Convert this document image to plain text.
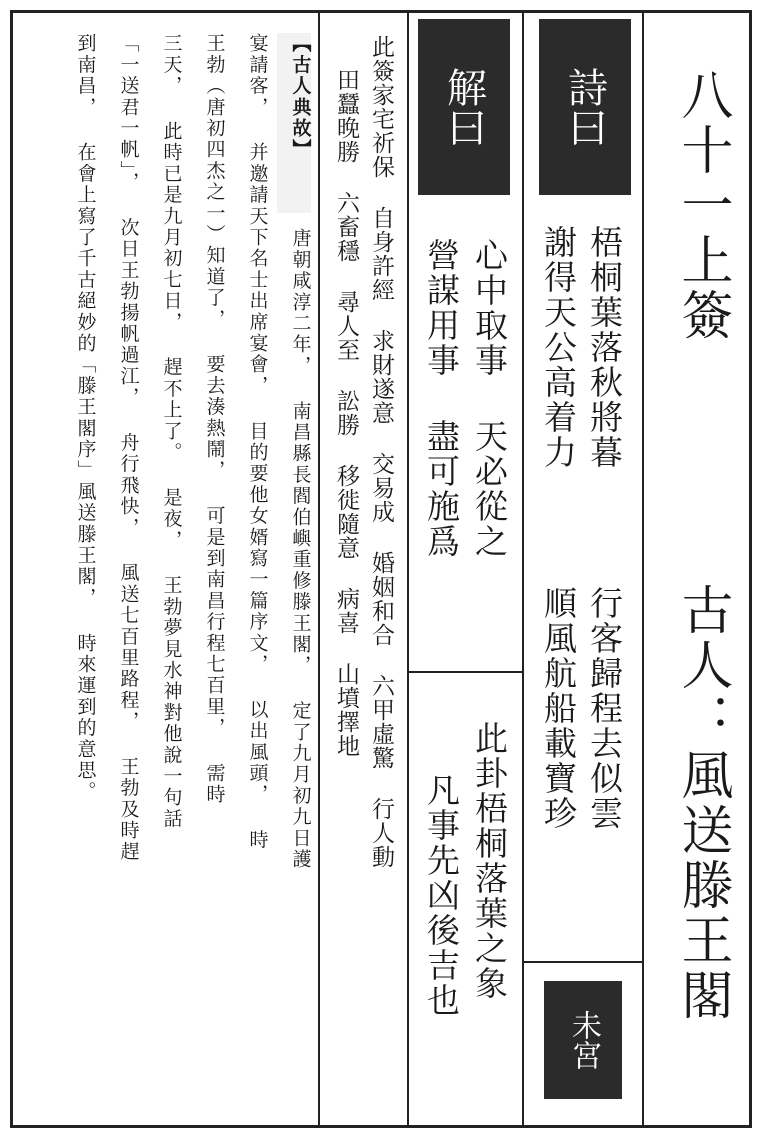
八十一上簽
古人：風送滕王閣
詩曰
梧桐葉落秋將暮
謝得天公高着力
行客歸程去似雲
順風航船載寶珍
未宮
解曰
心中取事 天必從之
營謀用事 盡可施爲
此卦梧桐落葉之象
凡事先凶後吉也
此簽家宅祈保 自身許經 求財遂意 交易成 婚姻和合 六甲虛驚 行人動
田蠶晚勝 六畜穩 尋人至 訟勝 移徙隨意 病喜 山墳擇地
【古人典故】
唐朝咸淳二年， 南昌縣長閻伯嶼重修滕王閣， 定了九月初九日護
宴請客， 并邀請天下名士出席宴會， 目的要他女婿寫一篇序文， 以出風頭， 時
王勃（唐初四杰之一）知道了， 要去湊熱鬧， 可是到南昌行程七百里， 需時
三天， 此時已是九月初七日， 趕不上了。 是夜， 王勃夢見水神對他說一句話
「一送君一帆」， 次日王勃揚帆過江， 舟行飛快， 風送七百里路程， 王勃及時趕
到南昌， 在會上寫了千古絕妙的「滕王閣序」風送滕王閣， 時來運到的意思。
